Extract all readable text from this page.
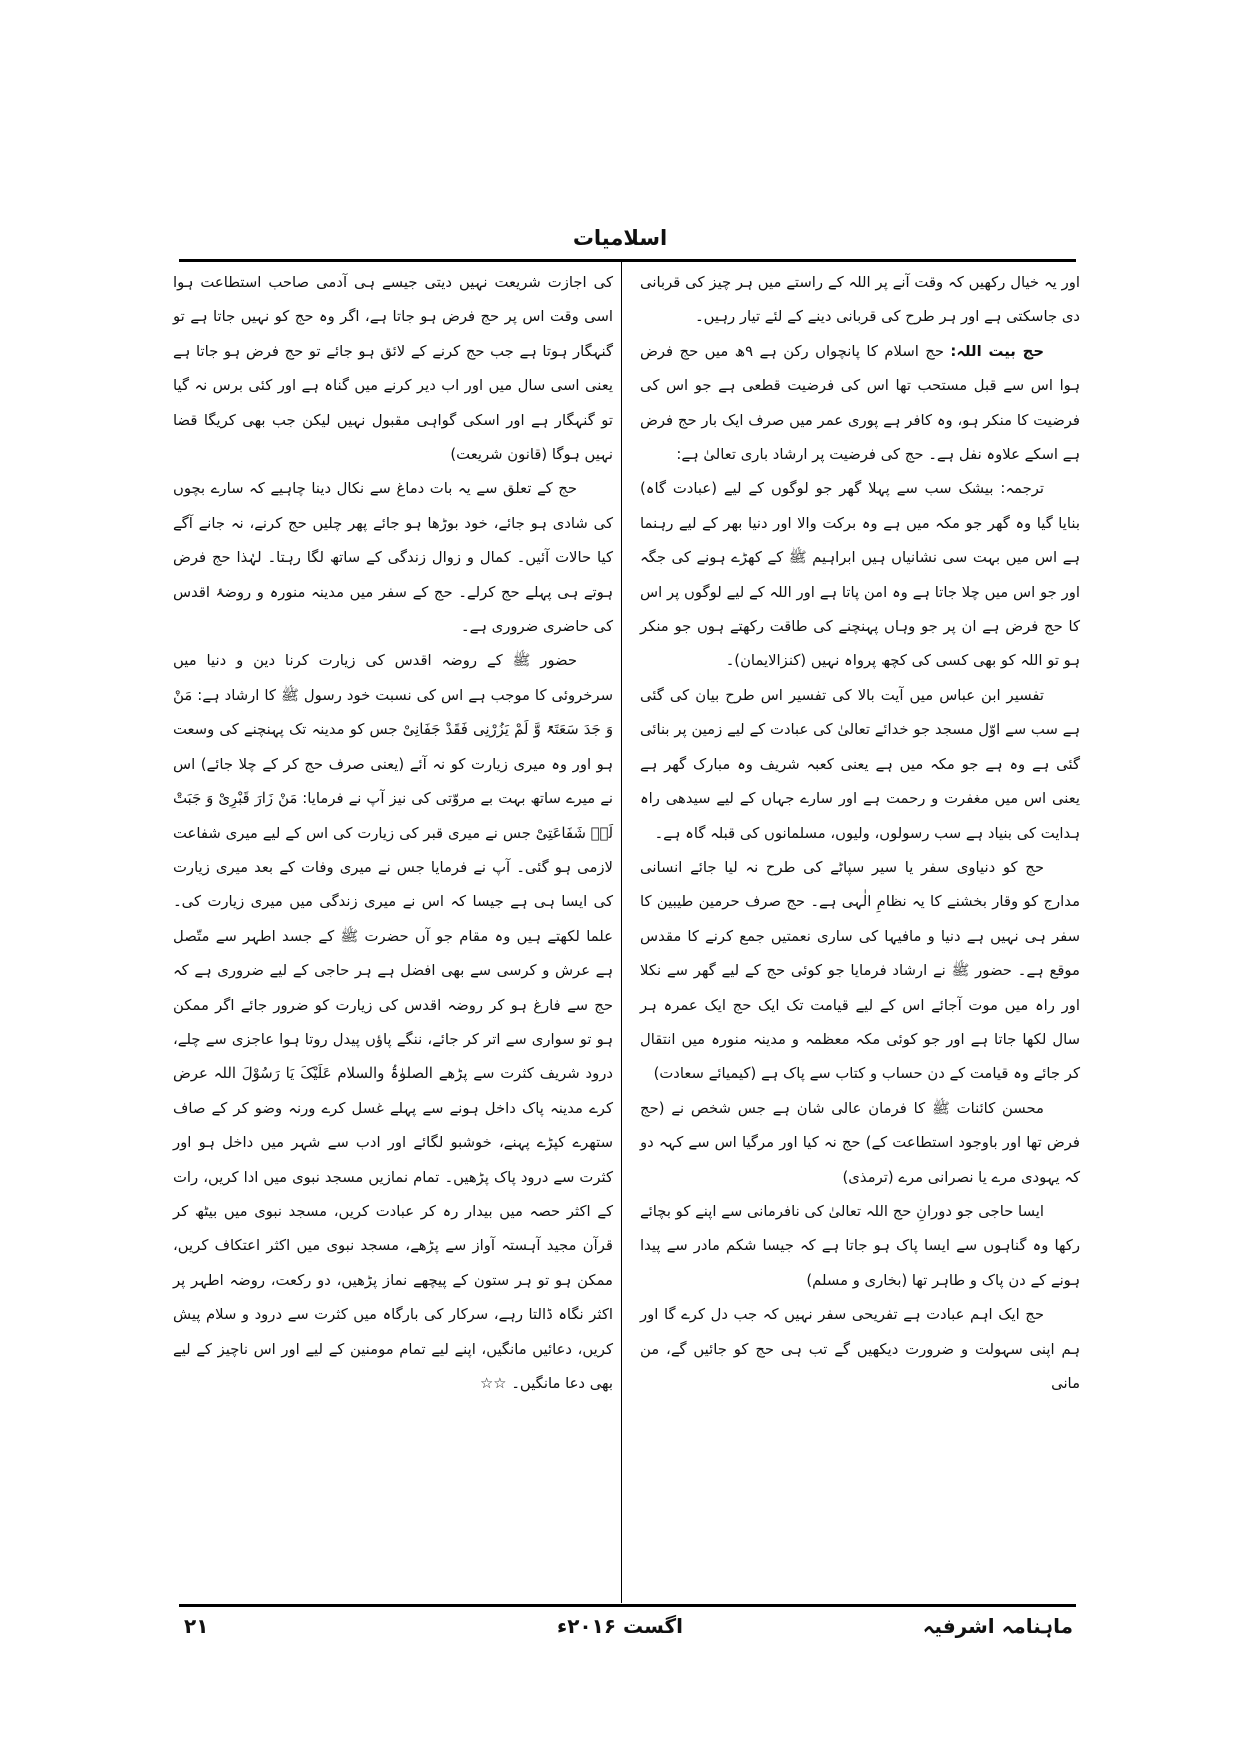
اسلامیات

اور یہ خیال رکھیں کہ وقت آنے پر اللہ کے راستے میں ہر چیز کی قربانی دی جاسکتی ہے اور ہر طرح کی قربانی دینے کے لئے تیار رہیں۔

حج بیت اللہ: حج اسلام کا پانچواں رکن ہے ۹ھ میں حج فرض ہوا اس سے قبل مستحب تھا اس کی فرضیت قطعی ہے جو اس کی فرضیت کا منکر ہو، وہ کافر ہے پوری عمر میں صرف ایک بار حج فرض ہے اسکے علاوہ نفل ہے۔ حج کی فرضیت پر ارشاد باری تعالیٰ ہے:

ترجمہ: بیشک سب سے پہلا گھر جو لوگوں کے لیے (عبادت گاہ) بنایا گیا وہ گھر جو مکہ میں ہے وہ برکت والا اور دنیا بھر کے لیے رہنما ہے اس میں بہت سی نشانیاں ہیں ابراہیم ﷺ کے کھڑے ہونے کی جگہ اور جو اس میں چلا جاتا ہے وہ امن پاتا ہے اور اللہ کے لیے لوگوں پر اس کا حج فرض ہے ان پر جو وہاں پہنچنے کی طاقت رکھتے ہوں جو منکر ہو تو اللہ کو بھی کسی کی کچھ پرواہ نہیں (کنزالایمان)۔

تفسیر ابن عباس میں آیت بالا کی تفسیر اس طرح بیان کی گئی ہے سب سے اوّل مسجد جو خدائے تعالیٰ کی عبادت کے لیے زمین پر بنائی گئی ہے وہ ہے جو مکہ میں ہے یعنی کعبہ شریف وہ مبارک گھر ہے یعنی اس میں مغفرت و رحمت ہے اور سارے جہاں کے لیے سیدھی راہ ہدایت کی بنیاد ہے سب رسولوں، ولیوں، مسلمانوں کی قبلہ گاہ ہے۔

حج کو دنیاوی سفر یا سیر سپاٹے کی طرح نہ لیا جائے انسانی مدارج کو وقار بخشنے کا یہ نظامِ الٰہی ہے۔ حج صرف حرمین طیبین کا سفر ہی نہیں ہے دنیا و مافیہا کی ساری نعمتیں جمع کرنے کا مقدس موقع ہے۔ حضور ﷺ نے ارشاد فرمایا جو کوئی حج کے لیے گھر سے نکلا اور راہ میں موت آجائے اس کے لیے قیامت تک ایک حج ایک عمرہ ہر سال لکھا جاتا ہے اور جو کوئی مکہ معظمہ و مدینہ منورہ میں انتقال کر جائے وہ قیامت کے دن حساب و کتاب سے پاک ہے (کیمیائے سعادت)

محسن کائنات ﷺ کا فرمان عالی شان ہے جس شخص نے (حج فرض تھا اور باوجود استطاعت کے) حج نہ کیا اور مرگیا اس سے کہہ دو کہ یہودی مرے یا نصرانی مرے (ترمذی)

ایسا حاجی جو دورانِ حج اللہ تعالیٰ کی نافرمانی سے اپنے کو بچائے رکھا وہ گناہوں سے ایسا پاک ہو جاتا ہے کہ جیسا شکم مادر سے پیدا ہونے کے دن پاک و طاہر تھا (بخاری و مسلم)

حج ایک اہم عبادت ہے تفریحی سفر نہیں کہ جب دل کرے گا اور ہم اپنی سہولت و ضرورت دیکھیں گے تب ہی حج کو جائیں گے، من مانی

کی اجازت شریعت نہیں دیتی جیسے ہی آدمی صاحب استطاعت ہوا اسی وقت اس پر حج فرض ہو جاتا ہے، اگر وہ حج کو نہیں جاتا ہے تو گنہگار ہوتا ہے جب حج کرنے کے لائق ہو جائے تو حج فرض ہو جاتا ہے یعنی اسی سال میں اور اب دیر کرنے میں گناہ ہے اور کئی برس نہ گیا تو گنہگار ہے اور اسکی گواہی مقبول نہیں لیکن جب بھی کریگا قضا نہیں ہوگا (قانون شریعت)

حج کے تعلق سے یہ بات دماغ سے نکال دینا چاہیے کہ سارے بچوں کی شادی ہو جائے، خود بوڑھا ہو جائے پھر چلیں حج کرنے، نہ جانے آگے کیا حالات آئیں۔ کمال و زوال زندگی کے ساتھ لگا رہتا۔ لہٰذا حج فرض ہوتے ہی پہلے حج کرلے۔ حج کے سفر میں مدینہ منورہ و روضۂ اقدس کی حاضری ضروری ہے۔

حضور ﷺ کے روضہ اقدس کی زیارت کرنا دین و دنیا میں سرخروئی کا موجب ہے اس کی نسبت خود رسول ﷺ کا ارشاد ہے: مَنْ وَ جَدَ سَعَتَۃً وَّ لَمْ یَزُرْنِی فَقَدْ جَفَانِیْ جس کو مدینہ تک پہنچنے کی وسعت ہو اور وہ میری زیارت کو نہ آئے (یعنی صرف حج کر کے چلا جائے) اس نے میرے ساتھ بہت بے مروّتی کی نیز آپ نے فرمایا: مَنْ زَارَ قَبْرِیْ وَ جَبَتْ لَہٗ شَفَاعَتِیْ جس نے میری قبر کی زیارت کی اس کے لیے میری شفاعت لازمی ہو گئی۔ آپ نے فرمایا جس نے میری وفات کے بعد میری زیارت کی ایسا ہی ہے جیسا کہ اس نے میری زندگی میں میری زیارت کی۔ علما لکھتے ہیں وہ مقام جو آں حضرت ﷺ کے جسد اطہر سے متّصل ہے عرش و کرسی سے بھی افضل ہے ہر حاجی کے لیے ضروری ہے کہ حج سے فارغ ہو کر روضہ اقدس کی زیارت کو ضرور جائے اگر ممکن ہو تو سواری سے اتر کر جائے، ننگے پاؤں پیدل روتا ہوا عاجزی سے چلے، درود شریف کثرت سے پڑھے الصلوٰۃُ والسلام عَلَیْکَ یَا رَسُوْلَ اللہ عرض کرے مدینہ پاک داخل ہونے سے پہلے غسل کرے ورنہ وضو کر کے صاف ستھرے کپڑے پہنے، خوشبو لگائے اور ادب سے شہر میں داخل ہو اور کثرت سے درود پاک پڑھیں۔ تمام نمازیں مسجد نبوی میں ادا کریں، رات کے اکثر حصہ میں بیدار رہ کر عبادت کریں، مسجد نبوی میں بیٹھ کر قرآن مجید آہستہ آواز سے پڑھے، مسجد نبوی میں اکثر اعتکاف کریں، ممکن ہو تو ہر ستون کے پیچھے نماز پڑھیں، دو رکعت، روضہ اطہر پر اکثر نگاہ ڈالتا رہے، سرکار کی بارگاہ میں کثرت سے درود و سلام پیش کریں، دعائیں مانگیں، اپنے لیے تمام مومنین کے لیے اور اس ناچیز کے لیے بھی دعا مانگیں۔ ☆☆

ماہنامہ اشرفیہ
اگست ۲۰۱۶ء
۲۱
